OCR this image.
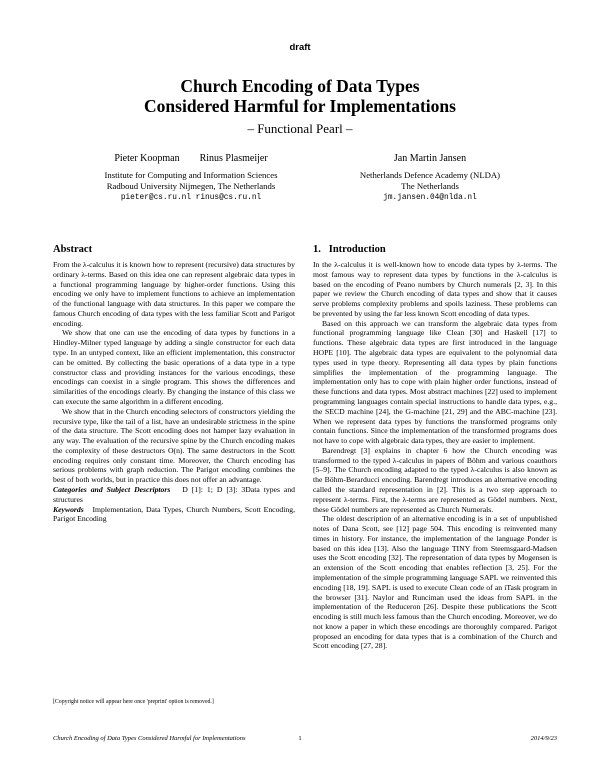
draft
Church Encoding of Data Types
Considered Harmful for Implementations
– Functional Pearl –
Pieter Koopman        Rinus Plasmeijer
Institute for Computing and Information Sciences
Radboud University Nijmegen, The Netherlands
pieter@cs.ru.nl rinus@cs.ru.nl
Jan Martin Jansen
Netherlands Defence Academy (NLDA)
The Netherlands
jm.jansen.04@nlda.nl
Abstract

From the λ-calculus it is known how to represent (recursive) data structures by ordinary λ-terms. Based on this idea one can represent algebraic data types in a functional programming language by higher-order functions. Using this encoding we only have to implement functions to achieve an implementation of the functional language with data structures. In this paper we compare the famous Church encoding of data types with the less familiar Scott and Parigot encoding.

We show that one can use the encoding of data types by functions in a Hindley-Milner typed language by adding a single constructor for each data type. In an untyped context, like an efficient implementation, this constructor can be omitted. By collecting the basic operations of a data type in a type constructor class and providing instances for the various encodings, these encodings can coexist in a single program. This shows the differences and similarities of the encodings clearly. By changing the instance of this class we can execute the same algorithm in a different encoding.

We show that in the Church encoding selectors of constructors yielding the recursive type, like the tail of a list, have an undesirable strictness in the spine of the data structure. The Scott encoding does not hamper lazy evaluation in any way. The evaluation of the recursive spine by the Church encoding makes the complexity of these destructors O(n). The same destructors in the Scott encoding requires only constant time. Moreover, the Church encoding has serious problems with graph reduction. The Parigot encoding combines the best of both worlds, but in practice this does not offer an advantage.

Categories and Subject Descriptors D [1]: 1; D [3]: 3Data types and structures

Keywords Implementation, Data Types, Church Numbers, Scott Encoding, Parigot Encoding

[Copyright notice will appear here once 'preprint' option is removed.]
1.   Introduction

In the λ-calculus it is well-known how to encode data types by λ-terms. The most famous way to represent data types by functions in the λ-calculus is based on the encoding of Peano numbers by Church numerals [2, 3]. In this paper we review the Church encoding of data types and show that it causes serve problems complexity problems and spoils laziness. These problems can be prevented by using the far less known Scott encoding of data types.

Based on this approach we can transform the algebraic data types from functional programming language like Clean [30] and Haskell [17] to functions. These algebraic data types are first introduced in the language HOPE [10]. The algebraic data types are equivalent to the polynomial data types used in type theory. Representing all data types by plain functions simplifies the implementation of the programming language. The implementation only has to cope with plain higher order functions, instead of these functions and data types. Most abstract machines [22] used to implement programming languages contain special instructions to handle data types, e.g., the SECD machine [24], the G-machine [21, 29] and the ABC-machine [23]. When we represent data types by functions the transformed programs only contain functions. Since the implementation of the transformed programs does not have to cope with algebraic data types, they are easier to implement.

Barendregt [3] explains in chapter 6 how the Church encoding was transformed to the typed λ-calculus in papers of Böhm and various coauthors [5–9]. The Church encoding adapted to the typed λ-calculus is also known as the Böhm-Berarducci encoding. Barendregt introduces an alternative encoding called the standard representation in [2]. This is a two step approach to represent λ-terms. First, the λ-terms are represented as Gödel numbers. Next, these Gödel numbers are represented as Church Numerals.

The oldest description of an alternative encoding is in a set of unpublished notes of Dana Scott, see [12] page 504. This encoding is reinvented many times in history. For instance, the implementation of the language Ponder is based on this idea [13]. Also the language TINY from Steemsgaard-Madsen uses the Scott encoding [32]. The representation of data types by Mogensen is an extension of the Scott encoding that enables reflection [3, 25]. For the implementation of the simple programming language SAPL we reinvented this encoding [18, 19]. SAPL is used to execute Clean code of an iTask program in the browser [31]. Naylor and Runciman used the ideas from SAPL in the implementation of the Reduceron [26]. Despite these publications the Scott encoding is still much less famous than the Church encoding. Moreover, we do not know a paper in which these encodings are thoroughly compared. Parigot proposed an encoding for data types that is a combination of the Church and Scott encoding [27, 28].

Church Encoding of Data Types Considered Harmful for Implementations	1	2014/9/23
